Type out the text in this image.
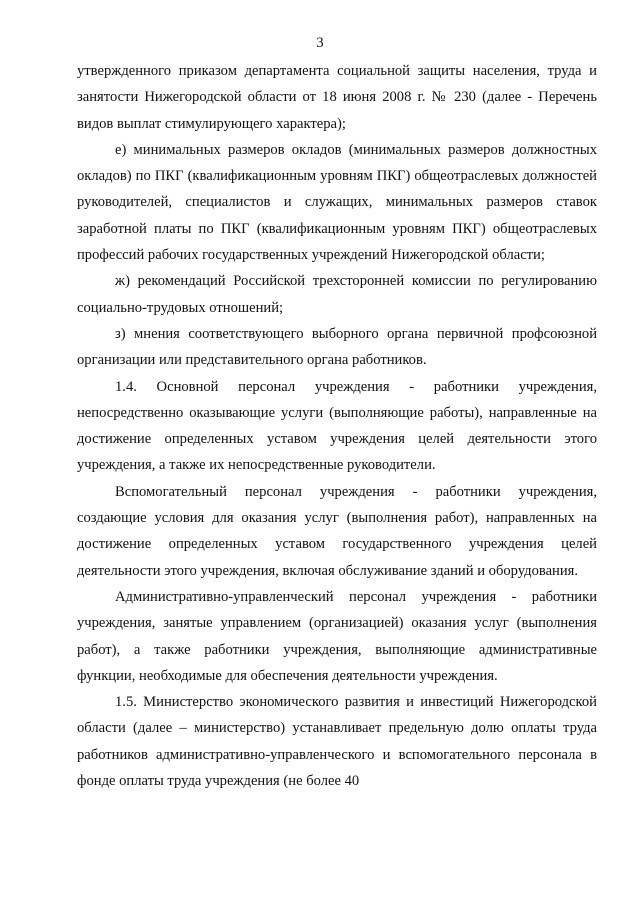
3

утвержденного приказом департамента социальной защиты населения, труда и занятости Нижегородской области от 18 июня 2008 г. № 230 (далее - Перечень видов выплат стимулирующего характера);

е) минимальных размеров окладов (минимальных размеров должностных окладов) по ПКГ (квалификационным уровням ПКГ) общеотраслевых должностей руководителей, специалистов и служащих, минимальных размеров ставок заработной платы по ПКГ (квалификационным уровням ПКГ) общеотраслевых профессий рабочих государственных учреждений Нижегородской области;

ж) рекомендаций Российской трехсторонней комиссии по регулированию социально-трудовых отношений;

з) мнения соответствующего выборного органа первичной профсоюзной организации или представительного органа работников.

1.4. Основной персонал учреждения - работники учреждения, непосредственно оказывающие услуги (выполняющие работы), направленные на достижение определенных уставом учреждения целей деятельности этого учреждения, а также их непосредственные руководители.

Вспомогательный персонал учреждения - работники учреждения, создающие условия для оказания услуг (выполнения работ), направленных на достижение определенных уставом государственного учреждения целей деятельности этого учреждения, включая обслуживание зданий и оборудования.

Административно-управленческий персонал учреждения - работники учреждения, занятые управлением (организацией) оказания услуг (выполнения работ), а также работники учреждения, выполняющие административные функции, необходимые для обеспечения деятельности учреждения.

1.5. Министерство экономического развития и инвестиций Нижегородской области (далее – министерство) устанавливает предельную долю оплаты труда работников административно-управленческого и вспомогательного персонала в фонде оплаты труда учреждения (не более 40
